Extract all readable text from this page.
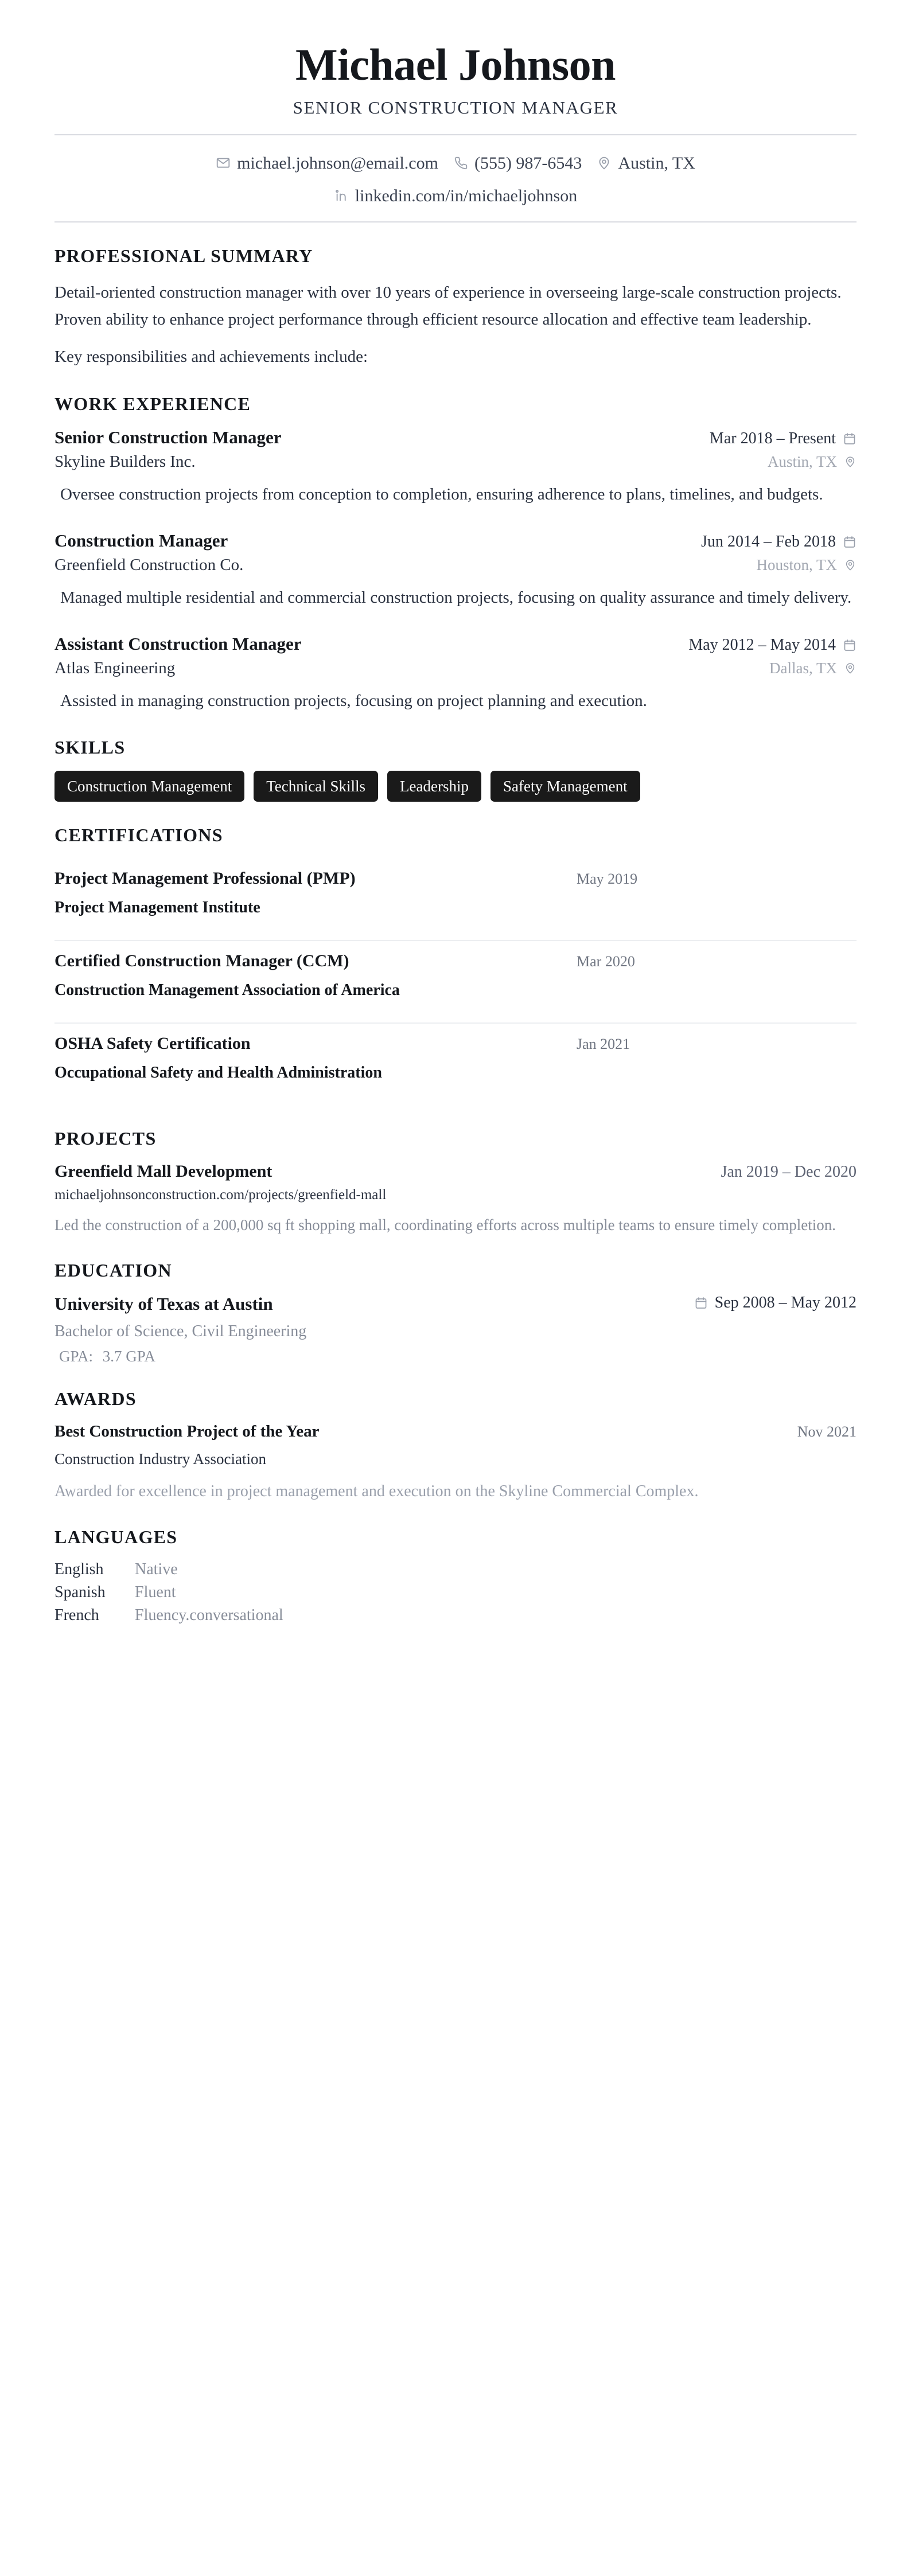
Michael Johnson
SENIOR CONSTRUCTION MANAGER
michael.johnson@email.com (555) 987-6543 Austin, TX
linkedin.com/in/michaeljohnson
PROFESSIONAL SUMMARY
Detail-oriented construction manager with over 10 years of experience in overseeing large-scale construction projects. Proven ability to enhance project performance through efficient resource allocation and effective team leadership.
Key responsibilities and achievements include:
WORK EXPERIENCE
Senior Construction Manager	Mar 2018 – Present
Skyline Builders Inc.	Austin, TX
Oversee construction projects from conception to completion, ensuring adherence to plans, timelines, and budgets.
Construction Manager	Jun 2014 – Feb 2018
Greenfield Construction Co.	Houston, TX
Managed multiple residential and commercial construction projects, focusing on quality assurance and timely delivery.
Assistant Construction Manager	May 2012 – May 2014
Atlas Engineering	Dallas, TX
Assisted in managing construction projects, focusing on project planning and execution.
SKILLS
Construction Management	Technical Skills	Leadership	Safety Management
CERTIFICATIONS
Project Management Professional (PMP)	May 2019
Project Management Institute
Certified Construction Manager (CCM)	Mar 2020
Construction Management Association of America
OSHA Safety Certification	Jan 2021
Occupational Safety and Health Administration
PROJECTS
Greenfield Mall Development	Jan 2019 – Dec 2020
michaeljohnsonconstruction.com/projects/greenfield-mall
Led the construction of a 200,000 sq ft shopping mall, coordinating efforts across multiple teams to ensure timely completion.
EDUCATION
University of Texas at Austin	Sep 2008 – May 2012
Bachelor of Science, Civil Engineering
GPA: 3.7 GPA
AWARDS
Best Construction Project of the Year	Nov 2021
Construction Industry Association
Awarded for excellence in project management and execution on the Skyline Commercial Complex.
LANGUAGES
English	Native
Spanish	Fluent
French	Fluency.conversational
